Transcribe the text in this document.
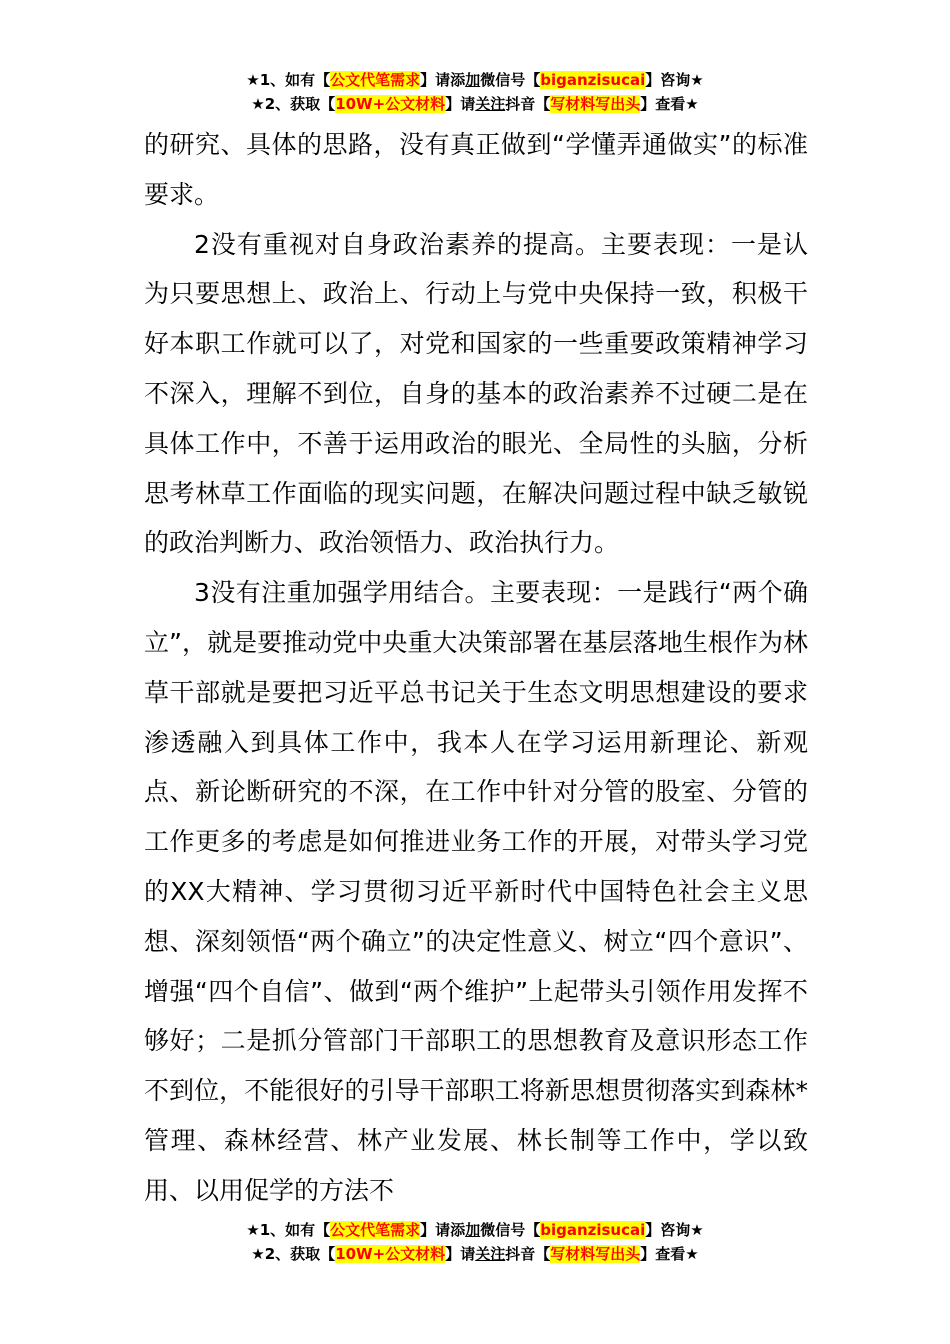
★1、如有【公文代笔需求】请添加微信号【biganzisucai】咨询★
★2、获取【10W+公文材料】请关注抖音【写材料写出头】查看★

的研究、具体的思路，没有真正做到“学懂弄通做实”的标准要求。

2没有重视对自身政治素养的提高。主要表现：一是认为只要思想上、政治上、行动上与党中央保持一致，积极干好本职工作就可以了，对党和国家的一些重要政策精神学习不深入，理解不到位，自身的基本的政治素养不过硬二是在具体工作中，不善于运用政治的眼光、全局性的头脑，分析思考林草工作面临的现实问题，在解决问题过程中缺乏敏锐的政治判断力、政治领悟力、政治执行力。

3没有注重加强学用结合。主要表现：一是践行“两个确立”，就是要推动党中央重大决策部署在基层落地生根作为林草干部就是要把习近平总书记关于生态文明思想建设的要求渗透融入到具体工作中，我本人在学习运用新理论、新观点、新论断研究的不深，在工作中针对分管的股室、分管的工作更多的考虑是如何推进业务工作的开展，对带头学习党的XX大精神、学习贯彻习近平新时代中国特色社会主义思想、深刻领悟“两个确立”的决定性意义、树立“四个意识”、增强“四个自信”、做到“两个维护”上起带头引领作用发挥不够好；二是抓分管部门干部职工的思想教育及意识形态工作不到位，不能很好的引导干部职工将新思想贯彻落实到森林*管理、森林经营、林产业发展、林长制等工作中，学以致用、以用促学的方法不

★1、如有【公文代笔需求】请添加微信号【biganzisucai】咨询★
★2、获取【10W+公文材料】请关注抖音【写材料写出头】查看★
